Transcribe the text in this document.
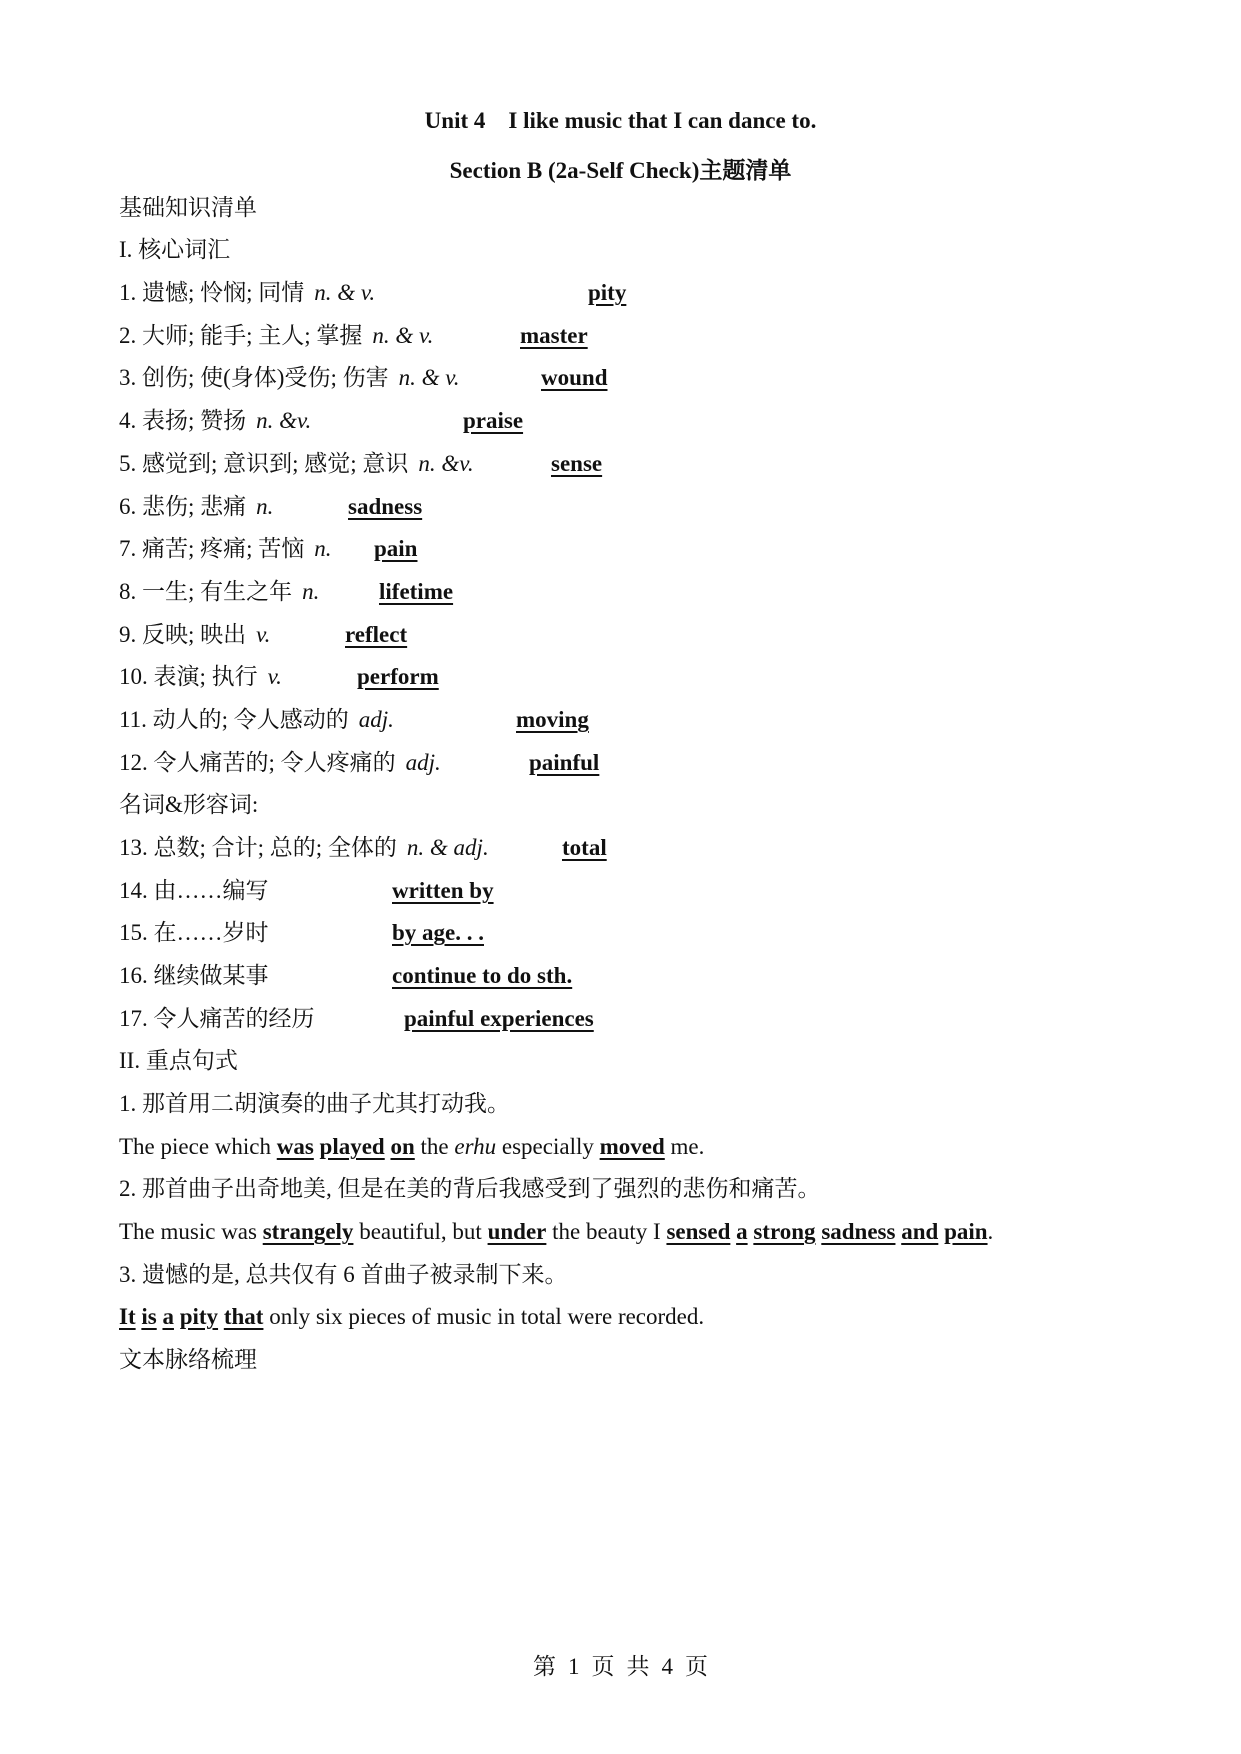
Unit 4    I like music that I can dance to.
Section B (2a-Self Check)主题清单
基础知识清单
I. 核心词汇
1. 遗憾; 怜悯; 同情 n. & v.	pity
2. 大师; 能手; 主人; 掌握 n. & v.	master
3. 创伤; 使(身体)受伤; 伤害 n. & v.	wound
4. 表扬; 赞扬 n. &v.	praise
5. 感觉到; 意识到; 感觉; 意识 n. &v.	sense
6. 悲伤; 悲痛 n.	sadness
7. 痛苦; 疼痛; 苦恼 n. pain
8. 一生; 有生之年 n.	lifetime
9. 反映; 映出 v.	reflect
10. 表演; 执行 v.	perform
11. 动人的; 令人感动的 adj.	moving
12. 令人痛苦的; 令人疼痛的 adj.	painful
名词&形容词:
13. 总数; 合计; 总的; 全体的 n. & adj.	total
14. 由……编写	written by
15. 在……岁时	by age. . .
16. 继续做某事	continue to do sth.
17. 令人痛苦的经历	painful experiences
II. 重点句式
1. 那首用二胡演奏的曲子尤其打动我。
The piece which was played on the erhu especially moved me.
2. 那首曲子出奇地美, 但是在美的背后我感受到了强烈的悲伤和痛苦。
The music was strangely beautiful, but under the beauty I sensed a strong sadness and pain.
3. 遗憾的是, 总共仅有 6 首曲子被录制下来。
It is a pity that only six pieces of music in total were recorded.
文本脉络梳理
第 1 页 共 4 页
